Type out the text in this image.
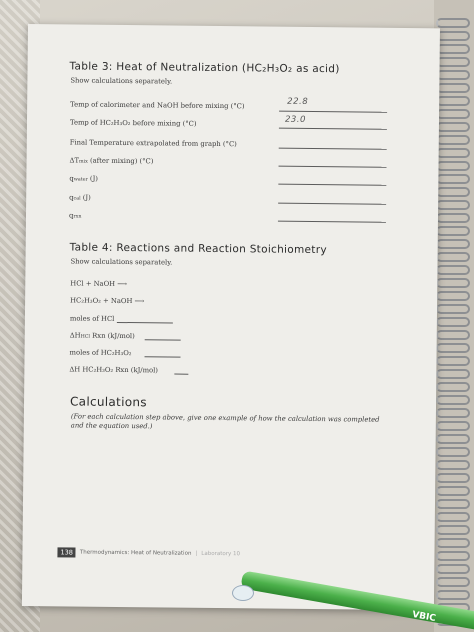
Table 3: Heat of Neutralization (HC₂H₃O₂ as acid)
Show calculations separately.
Temp of calorimeter and NaOH before mixing (°C)	22.8
Temp of HC₂H₃O₂ before mixing (°C)	23.0
Final Temperature extrapolated from graph (°C)
ΔTmix (after mixing) (°C)
qwater (J)
qcal (J)
qrxn
Table 4: Reactions and Reaction Stoichiometry
Show calculations separately.
HCl + NaOH ⟶
HC₂H₃O₂ + NaOH ⟶
moles of HCl
ΔHHCl Rxn (kJ/mol)
moles of HC₂H₃O₂
ΔH HC₂H₃O₂ Rxn (kJ/mol)
Calculations
(For each calculation step above, give one example of how the calculation was completed and the equation used.)
138	Thermodynamics: Heat of Neutralization | Laboratory 10
VBIC
